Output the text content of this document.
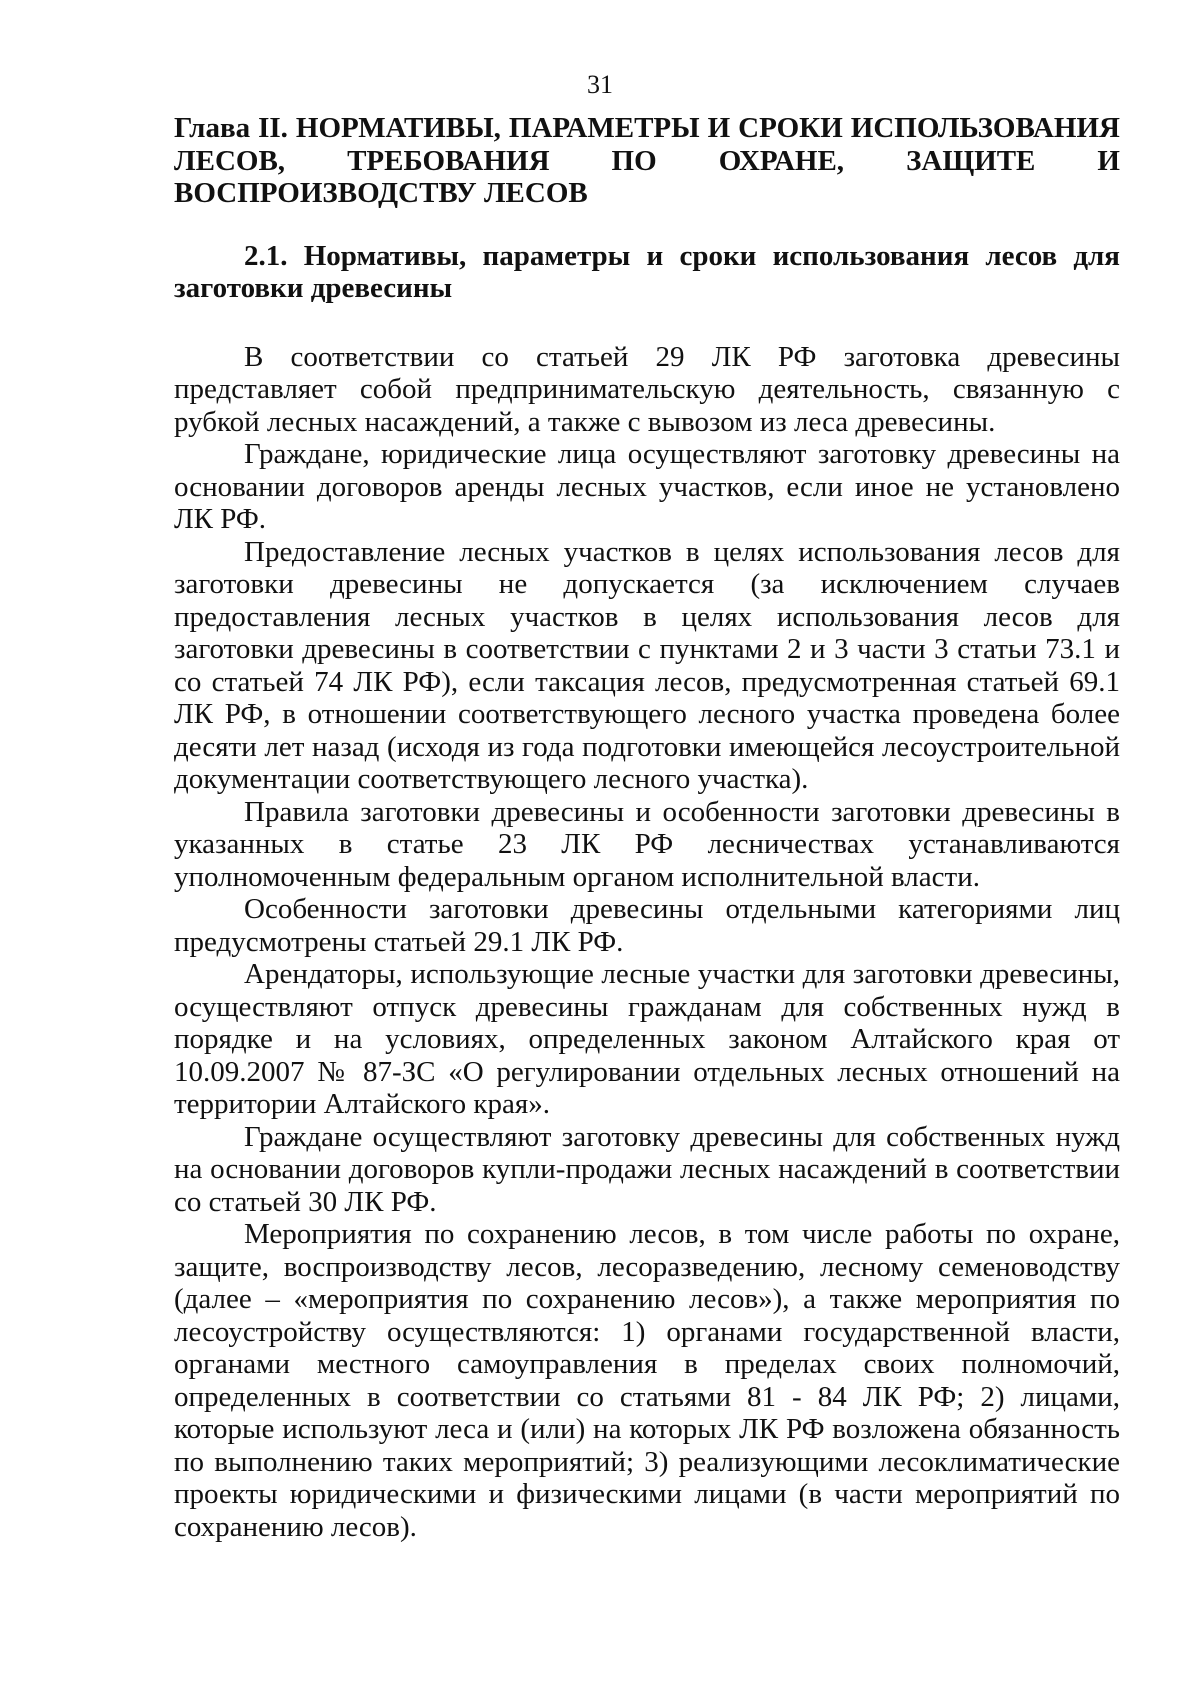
31
Глава II. НОРМАТИВЫ, ПАРАМЕТРЫ И СРОКИ ИСПОЛЬЗОВАНИЯ ЛЕСОВ, ТРЕБОВАНИЯ ПО ОХРАНЕ, ЗАЩИТЕ И ВОСПРОИЗВОДСТВУ ЛЕСОВ
2.1. Нормативы, параметры и сроки использования лесов для заготовки древесины

В соответствии со статьей 29 ЛК РФ заготовка древесины представляет собой предпринимательскую деятельность, связанную с рубкой лесных насаждений, а также с вывозом из леса древесины.

Граждане, юридические лица осуществляют заготовку древесины на основании договоров аренды лесных участков, если иное не установлено ЛК РФ.

Предоставление лесных участков в целях использования лесов для заготовки древесины не допускается (за исключением случаев предоставления лесных участков в целях использования лесов для заготовки древесины в соответствии с пунктами 2 и 3 части 3 статьи 73.1 и со статьей 74 ЛК РФ), если таксация лесов, предусмотренная статьей 69.1 ЛК РФ, в отношении соответствующего лесного участка проведена более десяти лет назад (исходя из года подготовки имеющейся лесоустроительной документации соответствующего лесного участка).

Правила заготовки древесины и особенности заготовки древесины в указанных в статье 23 ЛК РФ лесничествах устанавливаются уполномоченным федеральным органом исполнительной власти.

Особенности заготовки древесины отдельными категориями лиц предусмотрены статьей 29.1 ЛК РФ.

Арендаторы, использующие лесные участки для заготовки древесины, осуществляют отпуск древесины гражданам для собственных нужд в порядке и на условиях, определенных законом Алтайского края от 10.09.2007 № 87-ЗС «О регулировании отдельных лесных отношений на территории Алтайского края».

Граждане осуществляют заготовку древесины для собственных нужд на основании договоров купли-продажи лесных насаждений в соответствии со статьей 30 ЛК РФ.

Мероприятия по сохранению лесов, в том числе работы по охране, защите, воспроизводству лесов, лесоразведению, лесному семеноводству (далее – «мероприятия по сохранению лесов»), а также мероприятия по лесоустройству осуществляются: 1) органами государственной власти, органами местного самоуправления в пределах своих полномочий, определенных в соответствии со статьями 81 - 84 ЛК РФ; 2) лицами, которые используют леса и (или) на которых ЛК РФ возложена обязанность по выполнению таких мероприятий; 3) реализующими лесоклиматические проекты юридическими и физическими лицами (в части мероприятий по сохранению лесов).
